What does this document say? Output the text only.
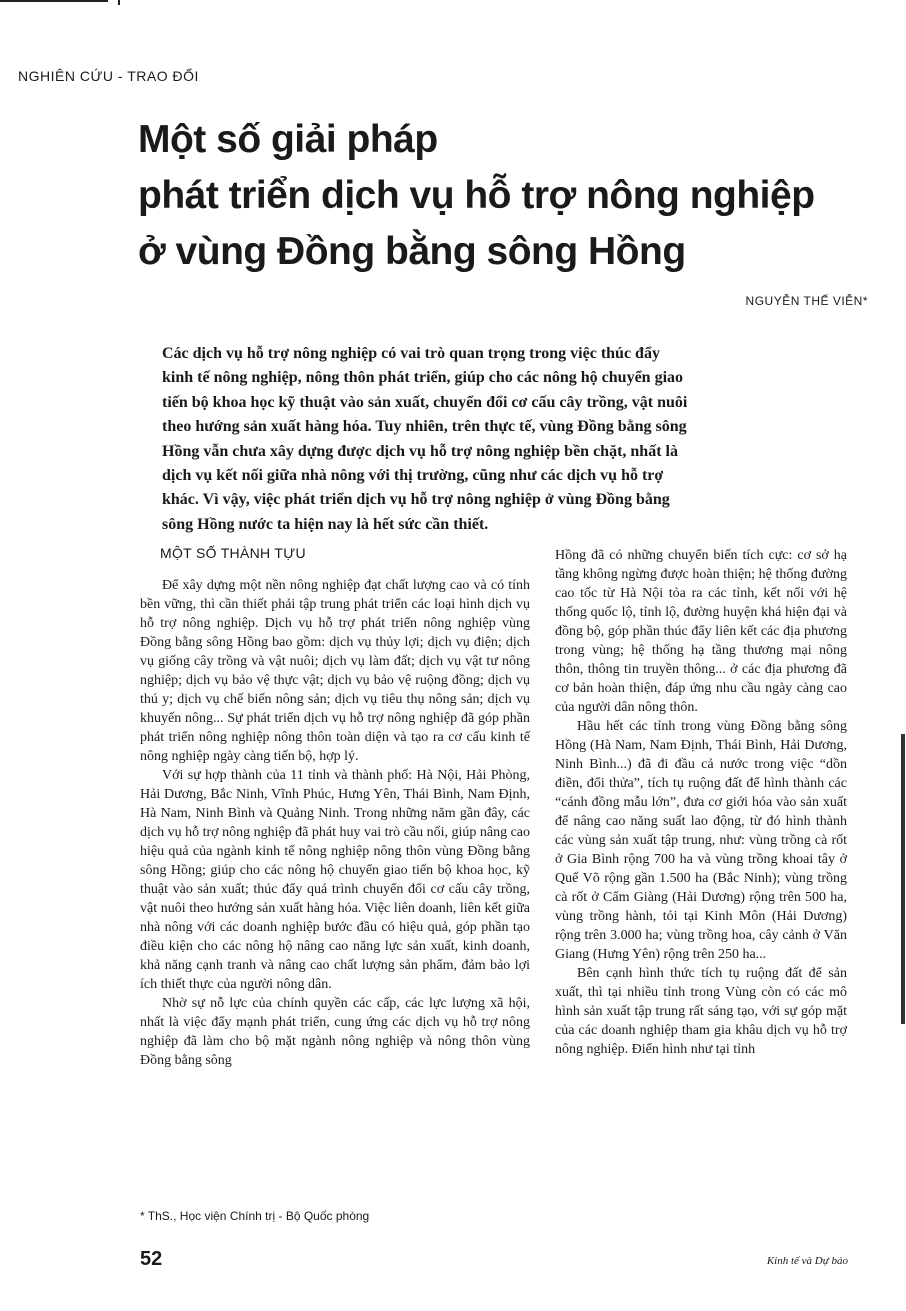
NGHIÊN CỨU - TRAO ĐỔI
Một số giải pháp
phát triển dịch vụ hỗ trợ nông nghiệp
ở vùng Đồng bằng sông Hồng
NGUYỄN THẾ VIỄN*
Các dịch vụ hỗ trợ nông nghiệp có vai trò quan trọng trong việc thúc đẩy
kinh tế nông nghiệp, nông thôn phát triển, giúp cho các nông hộ chuyển giao
tiến bộ khoa học kỹ thuật vào sản xuất, chuyển đổi cơ cấu cây trồng, vật nuôi
theo hướng sản xuất hàng hóa. Tuy nhiên, trên thực tế, vùng Đồng bằng sông
Hồng vẫn chưa xây dựng được dịch vụ hỗ trợ nông nghiệp bền chặt, nhất là
dịch vụ kết nối giữa nhà nông với thị trường, cũng như các dịch vụ hỗ trợ
khác. Vì vậy, việc phát triển dịch vụ hỗ trợ nông nghiệp ở vùng Đồng bằng
sông Hồng nước ta hiện nay là hết sức cần thiết.
MỘT SỐ THÀNH TỰU

Để xây dựng một nền nông nghiệp đạt chất lượng cao và có tính bền vững, thì cần thiết phải tập trung phát triển các loại hình dịch vụ hỗ trợ nông nghiệp. Dịch vụ hỗ trợ phát triển nông nghiệp vùng Đồng bằng sông Hồng bao gồm: dịch vụ thủy lợi; dịch vụ điện; dịch vụ giống cây trồng và vật nuôi; dịch vụ làm đất; dịch vụ vật tư nông nghiệp; dịch vụ bảo vệ thực vật; dịch vụ bảo vệ ruộng đồng; dịch vụ thú y; dịch vụ chế biến nông sản; dịch vụ tiêu thụ nông sản; dịch vụ khuyến nông... Sự phát triển dịch vụ hỗ trợ nông nghiệp đã góp phần phát triển nông nghiệp nông thôn toàn diện và tạo ra cơ cấu kinh tế nông nghiệp ngày càng tiến bộ, hợp lý.

Với sự hợp thành của 11 tỉnh và thành phố: Hà Nội, Hải Phòng, Hải Dương, Bắc Ninh, Vĩnh Phúc, Hưng Yên, Thái Bình, Nam Định, Hà Nam, Ninh Bình và Quảng Ninh. Trong những năm gần đây, các dịch vụ hỗ trợ nông nghiệp đã phát huy vai trò cầu nối, giúp nâng cao hiệu quả của ngành kinh tế nông nghiệp nông thôn vùng Đồng bằng sông Hồng; giúp cho các nông hộ chuyển giao tiến bộ khoa học, kỹ thuật vào sản xuất; thúc đẩy quá trình chuyển đổi cơ cấu cây trồng, vật nuôi theo hướng sản xuất hàng hóa. Việc liên doanh, liên kết giữa nhà nông với các doanh nghiệp bước đầu có hiệu quả, góp phần tạo điều kiện cho các nông hộ nâng cao năng lực sản xuất, kinh doanh, khả năng cạnh tranh và nâng cao chất lượng sản phẩm, đảm bảo lợi ích thiết thực của người nông dân.

Nhờ sự nỗ lực của chính quyền các cấp, các lực lượng xã hội, nhất là việc đẩy mạnh phát triển, cung ứng các dịch vụ hỗ trợ nông nghiệp đã làm cho bộ mặt ngành nông nghiệp và nông thôn vùng Đồng bằng sông

Hồng đã có những chuyển biến tích cực: cơ sở hạ tầng không ngừng được hoàn thiện; hệ thống đường cao tốc từ Hà Nội tỏa ra các tỉnh, kết nối với hệ thống quốc lộ, tỉnh lộ, đường huyện khá hiện đại và đồng bộ, góp phần thúc đẩy liên kết các địa phương trong vùng; hệ thống hạ tầng thương mại nông thôn, thông tin truyền thông... ở các địa phương đã cơ bản hoàn thiện, đáp ứng nhu cầu ngày càng cao của người dân nông thôn.

Hầu hết các tỉnh trong vùng Đồng bằng sông Hồng (Hà Nam, Nam Định, Thái Bình, Hải Dương, Ninh Bình...) đã đi đầu cả nước trong việc “dồn điền, đổi thửa”, tích tụ ruộng đất để hình thành các “cánh đồng mẫu lớn”, đưa cơ giới hóa vào sản xuất để nâng cao năng suất lao động, từ đó hình thành các vùng sản xuất tập trung, như: vùng trồng cà rốt ở Gia Bình rộng 700 ha và vùng trồng khoai tây ở Quế Võ rộng gần 1.500 ha (Bắc Ninh); vùng trồng cà rốt ở Cẩm Giàng (Hải Dương) rộng trên 500 ha, vùng trồng hành, tỏi tại Kinh Môn (Hải Dương) rộng trên 3.000 ha; vùng trồng hoa, cây cảnh ở Văn Giang (Hưng Yên) rộng trên 250 ha...

Bên cạnh hình thức tích tụ ruộng đất để sản xuất, thì tại nhiều tỉnh trong Vùng còn có các mô hình sản xuất tập trung rất sáng tạo, với sự góp mặt của các doanh nghiệp tham gia khâu dịch vụ hỗ trợ nông nghiệp. Điển hình như tại tỉnh

* ThS., Học viện Chính trị - Bộ Quốc phòng
52	Kinh tế và Dự báo
